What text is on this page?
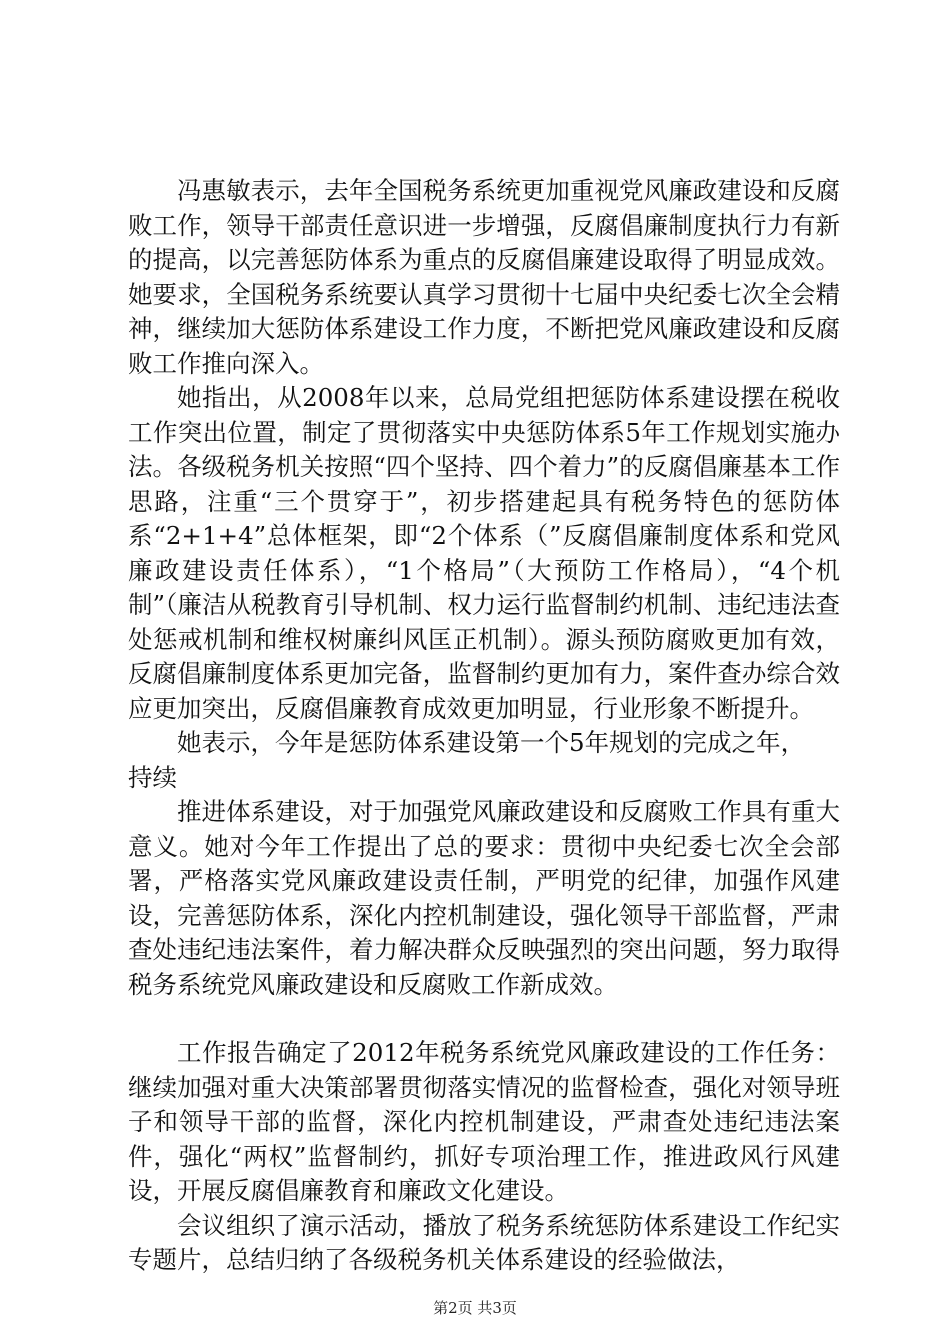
冯惠敏表示，去年全国税务系统更加重视党风廉政建设和反腐败工作，领导干部责任意识进一步增强，反腐倡廉制度执行力有新的提高，以完善惩防体系为重点的反腐倡廉建设取得了明显成效。她要求，全国税务系统要认真学习贯彻十七届中央纪委七次全会精神，继续加大惩防体系建设工作力度，不断把党风廉政建设和反腐败工作推向深入。

她指出，从2008年以来，总局党组把惩防体系建设摆在税收工作突出位置，制定了贯彻落实中央惩防体系5年工作规划实施办法。各级税务机关按照“四个坚持、四个着力”的反腐倡廉基本工作思路，注重“三个贯穿于”，初步搭建起具有税务特色的惩防体系“2+1+4”总体框架，即“2个体系（”反腐倡廉制度体系和党风廉政建设责任体系），“1个格局”（大预防工作格局），“4个机制”（廉洁从税教育引导机制、权力运行监督制约机制、违纪违法查处惩戒机制和维权树廉纠风匡正机制）。源头预防腐败更加有效，反腐倡廉制度体系更加完备，监督制约更加有力，案件查办综合效应更加突出，反腐倡廉教育成效更加明显，行业形象不断提升。

她表示，今年是惩防体系建设第一个5年规划的完成之年，

持续

推进体系建设，对于加强党风廉政建设和反腐败工作具有重大意义。她对今年工作提出了总的要求：贯彻中央纪委七次全会部署，严格落实党风廉政建设责任制，严明党的纪律，加强作风建设，完善惩防体系，深化内控机制建设，强化领导干部监督，严肃查处违纪违法案件，着力解决群众反映强烈的突出问题，努力取得税务系统党风廉政建设和反腐败工作新成效。

工作报告确定了2012年税务系统党风廉政建设的工作任务：继续加强对重大决策部署贯彻落实情况的监督检查，强化对领导班子和领导干部的监督，深化内控机制建设，严肃查处违纪违法案件，强化“两权”监督制约，抓好专项治理工作，推进政风行风建设，开展反腐倡廉教育和廉政文化建设。

会议组织了演示活动，播放了税务系统惩防体系建设工作纪实专题片，总结归纳了各级税务机关体系建设的经验做法，

第2页 共3页
